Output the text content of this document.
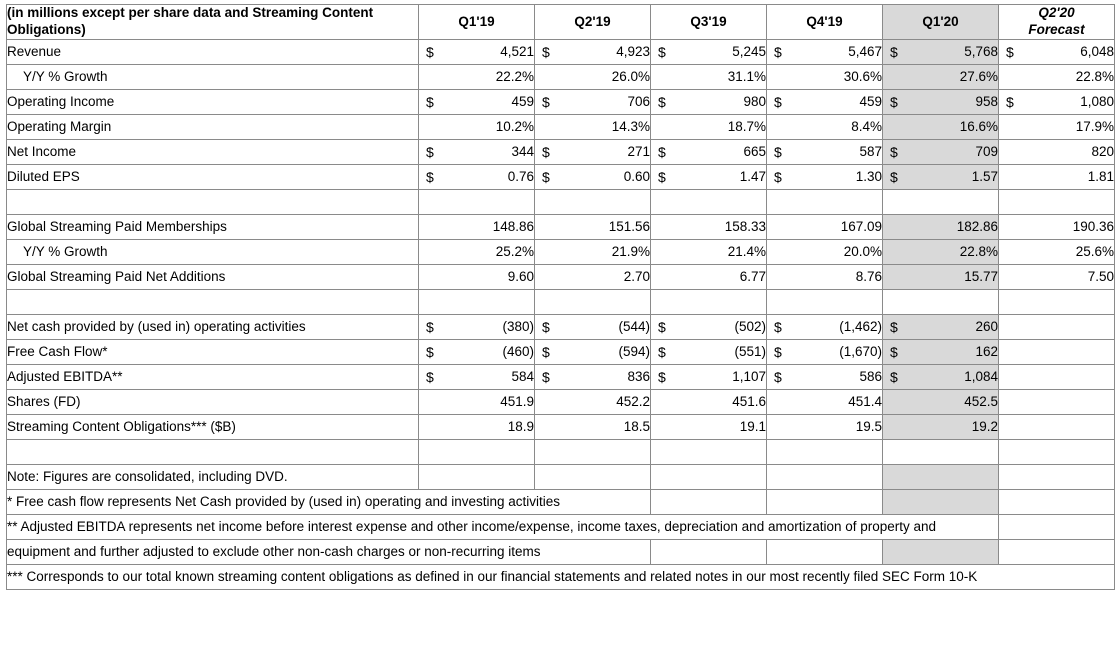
(in millions except per share data and Streaming Content Obligations)	Q1'19	Q2'19	Q3'19	Q4'19	Q1'20	Q2'20
Forecast
Revenue	$ 4,521	$ 4,923	$ 5,245	$ 5,467	$ 5,768	$ 6,048
Y/Y % Growth	22.2%	26.0%	31.1%	30.6%	27.6%	22.8%
Operating Income	$ 459	$ 706	$ 980	$ 459	$ 958	$ 1,080
Operating Margin	10.2%	14.3%	18.7%	8.4%	16.6%	17.9%
Net Income	$ 344	$ 271	$ 665	$ 587	$ 709	820
Diluted EPS	$ 0.76	$ 0.60	$ 1.47	$ 1.30	$ 1.57	1.81

Global Streaming Paid Memberships	148.86	151.56	158.33	167.09	182.86	190.36
Y/Y % Growth	25.2%	21.9%	21.4%	20.0%	22.8%	25.6%
Global Streaming Paid Net Additions	9.60	2.70	6.77	8.76	15.77	7.50

Net cash provided by (used in) operating activities	$ (380)	$ (544)	$ (502)	$ (1,462)	$ 260	
Free Cash Flow*	$ (460)	$ (594)	$ (551)	$ (1,670)	$ 162	
Adjusted EBITDA**	$ 584	$ 836	$ 1,107	$ 586	$ 1,084	
Shares (FD)	451.9	452.2	451.6	451.4	452.5	
Streaming Content Obligations*** ($B)	18.9	18.5	19.1	19.5	19.2	

Note: Figures are consolidated, including DVD.						
* Free cash flow represents Net Cash provided by (used in) operating and investing activities						
** Adjusted EBITDA represents net income before interest expense and other income/expense, income taxes, depreciation and amortization of property and						
equipment and further adjusted to exclude other non-cash charges or non-recurring items						
*** Corresponds to our total known streaming content obligations as defined in our financial statements and related notes in our most recently filed SEC Form 10-K						
